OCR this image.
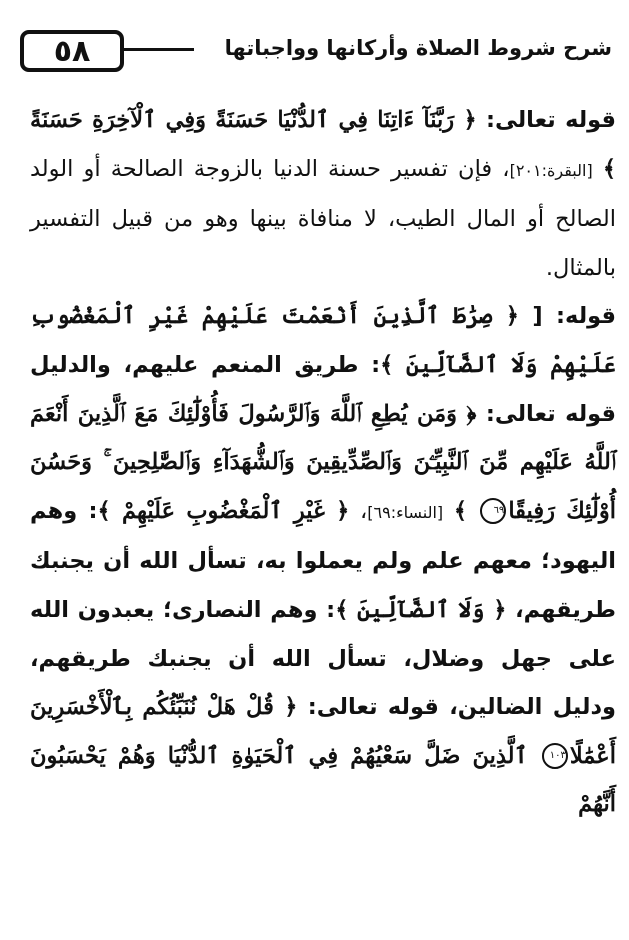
٥٨	شرح شروط الصلاة وأركانها وواجباتها

قوله تعالى: ﴿ رَبَّنَآ ءَاتِنَا فِي ٱلدُّنْيَا حَسَنَةً وَفِي ٱلْآخِرَةِ حَسَنَةً ﴾ [البقرة:٢٠١]، فإن تفسير حسنة الدنيا بالزوجة الصالحة أو الولد الصالح أو المال الطيب، لا منافاة بينها وهو من قبيل التفسير بالمثال.

قوله: [ ﴿ صِرَٰطَ ٱلَّذِينَ أَنْعَمْتَ عَلَيْهِمْ غَيْرِ ٱلْمَغْضُوبِ عَلَيْهِمْ وَلَا ٱلضَّآلِّينَ ﴾: طريق المنعم عليهم، والدليل قوله تعالى: ﴿ وَمَن يُطِعِ ٱللَّهَ وَٱلرَّسُولَ فَأُوْلَٰٓئِكَ مَعَ ٱلَّذِينَ أَنْعَمَ ٱللَّهُ عَلَيْهِم مِّنَ ٱلنَّبِيِّـۧنَ وَٱلصِّدِّيقِينَ وَٱلشُّهَدَآءِ وَٱلصَّٰلِحِينَ ۚ وَحَسُنَ أُوْلَٰٓئِكَ رَفِيقًا٦٩ ﴾ [النساء:٦٩]، ﴿ غَيْرِ ٱلْمَغْضُوبِ عَلَيْهِمْ ﴾: وهم اليهود؛ معهم علم ولم يعملوا به، تسأل الله أن يجنبك طريقهم، ﴿ وَلَا ٱلضَّآلِّينَ ﴾: وهم النصارى؛ يعبدون الله على جهل وضلال، تسأل الله أن يجنبك طريقهم، ودليل الضالين، قوله تعالى: ﴿ قُلْ هَلْ نُنَبِّئُكُم بِٱلْأَخْسَرِينَ أَعْمَٰلًا١٠٣ ٱلَّذِينَ ضَلَّ سَعْيُهُمْ فِي ٱلْحَيَوٰةِ ٱلدُّنْيَا وَهُمْ يَحْسَبُونَ أَنَّهُمْ
